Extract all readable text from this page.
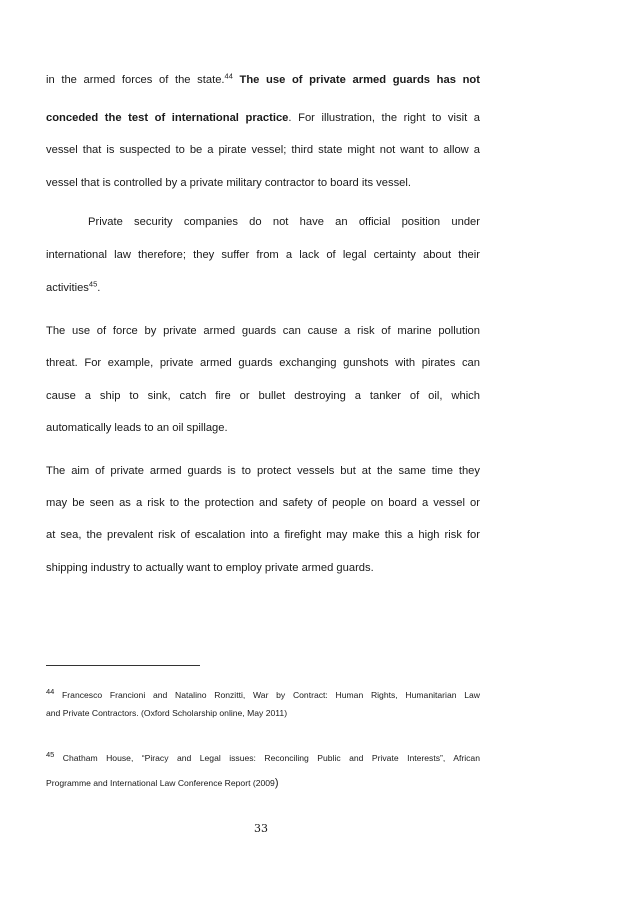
in the armed forces of the state.$^{44}$ The use of private armed guards has not
conceded the test of international practice. For illustration, the right to visit a
vessel that is suspected to be a pirate vessel; third state might not want to allow a
vessel that is controlled by a private military contractor to board its vessel.
Private security companies do not have an official position under
international law therefore; they suffer from a lack of legal certainty about their
activities$^{45}$.
The use of force by private armed guards can cause a risk of marine pollution
threat. For example, private armed guards exchanging gunshots with pirates can
cause a ship to sink, catch fire or bullet destroying a tanker of oil, which
automatically leads to an oil spillage.
The aim of private armed guards is to protect vessels but at the same time they
may be seen as a risk to the protection and safety of people on board a vessel or
at sea, the prevalent risk of escalation into a firefight may make this a high risk for
shipping industry to actually want to employ private armed guards.
$^{44}$ Francesco Francioni and Natalino Ronzitti, War by Contract: Human Rights, Humanitarian Law
and Private Contractors. (Oxford Scholarship online, May 2011)
$^{45}$ Chatham House, “Piracy and Legal issues: Reconciling Public and Private Interests”, African
Programme and International Law Conference Report (2009)
33
